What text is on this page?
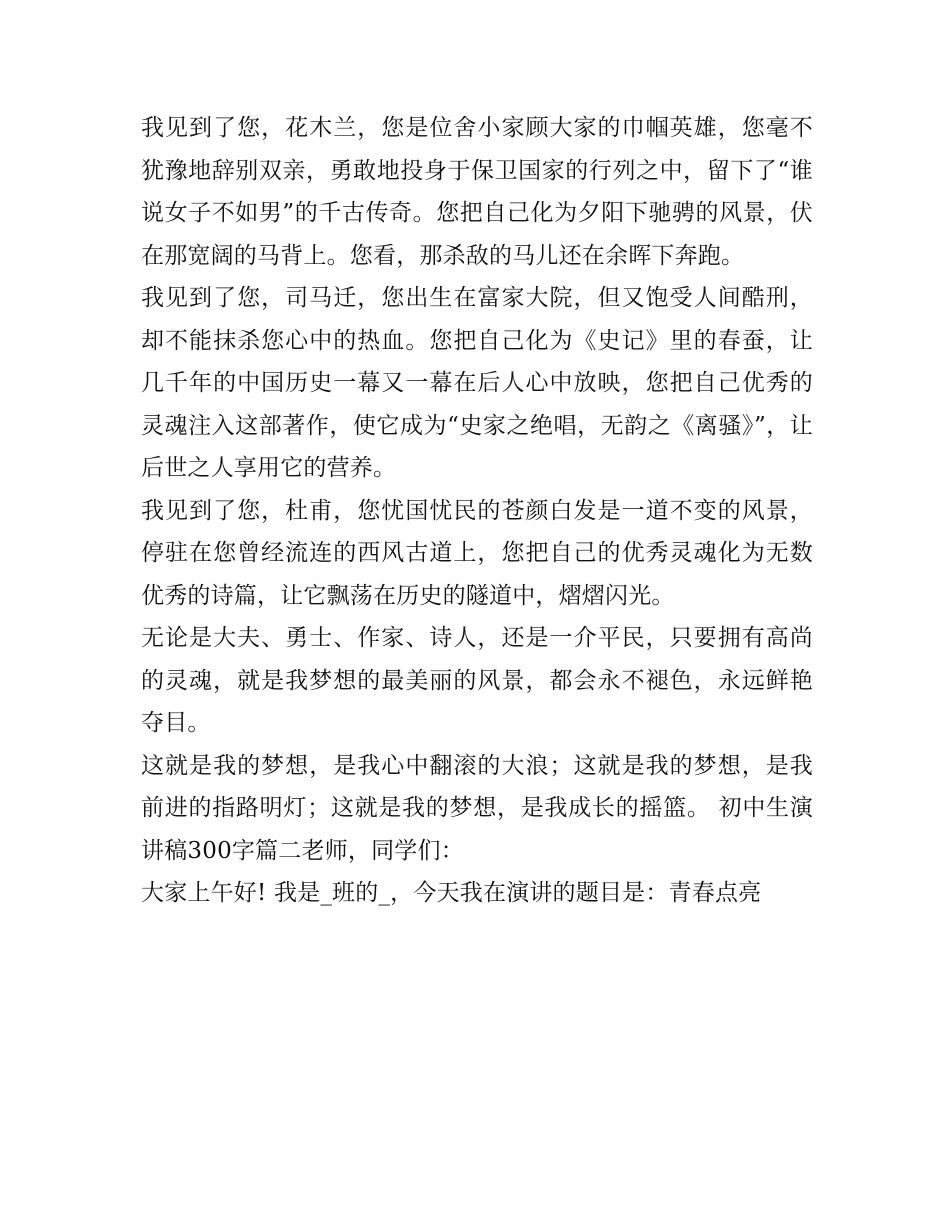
我见到了您，花木兰，您是位舍小家顾大家的巾帼英雄，您毫不犹豫地辞别双亲，勇敢地投身于保卫国家的行列之中，留下了“谁说女子不如男”的千古传奇。您把自己化为夕阳下驰骋的风景，伏在那宽阔的马背上。您看，那杀敌的马儿还在余晖下奔跑。

我见到了您，司马迁，您出生在富家大院，但又饱受人间酷刑，却不能抹杀您心中的热血。您把自己化为《史记》里的春蚕，让几千年的中国历史一幕又一幕在后人心中放映，您把自己优秀的灵魂注入这部著作，使它成为“史家之绝唱，无韵之《离骚》”，让后世之人享用它的营养。

我见到了您，杜甫，您忧国忧民的苍颜白发是一道不变的风景，停驻在您曾经流连的西风古道上，您把自己的优秀灵魂化为无数优秀的诗篇，让它飘荡在历史的隧道中，熠熠闪光。

无论是大夫、勇士、作家、诗人，还是一介平民，只要拥有高尚的灵魂，就是我梦想的最美丽的风景，都会永不褪色，永远鲜艳夺目。

这就是我的梦想，是我心中翻滚的大浪；这就是我的梦想，是我前进的指路明灯；这就是我的梦想，是我成长的摇篮。 初中生演讲稿300字篇二老师，同学们：

大家上午好! 我是_班的_，今天我在演讲的题目是：青春点亮
